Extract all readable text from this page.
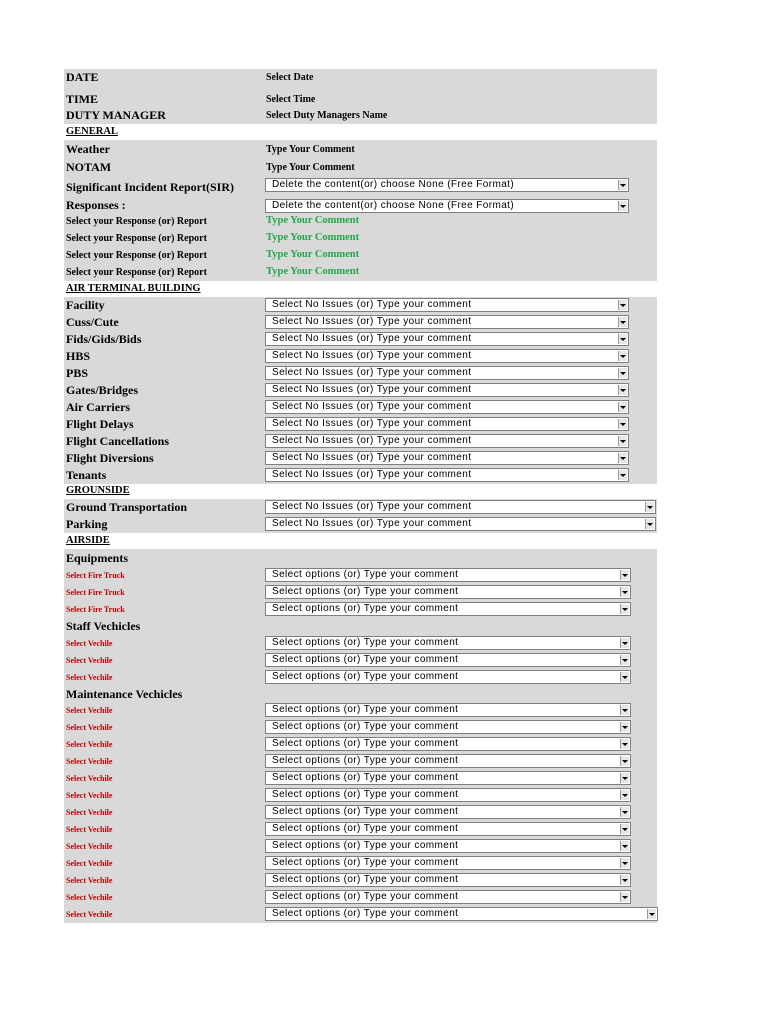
DATE	Select Date
TIME	Select Time
DUTY MANAGER	Select Duty Managers Name
GENERAL
Weather	Type Your Comment
NOTAM	Type Your Comment
Significant Incident Report(SIR)	Delete the content(or) choose None (Free Format)
Responses :	Delete the content(or) choose None (Free Format)
Select your Response (or) Report	Type Your Comment
Select your Response (or) Report	Type Your Comment
Select your Response (or) Report	Type Your Comment
Select your Response (or) Report	Type Your Comment
AIR TERMINAL BUILDING
Facility	Select No Issues (or) Type your comment
Cuss/Cute	Select No Issues (or) Type your comment
Fids/Gids/Bids	Select No Issues (or) Type your comment
HBS	Select No Issues (or) Type your comment
PBS	Select No Issues (or) Type your comment
Gates/Bridges	Select No Issues (or) Type your comment
Air Carriers	Select No Issues (or) Type your comment
Flight Delays	Select No Issues (or) Type your comment
Flight Cancellations	Select No Issues (or) Type your comment
Flight Diversions	Select No Issues (or) Type your comment
Tenants	Select No Issues (or) Type your comment
GROUNSIDE
Ground Transportation	Select No Issues (or) Type your comment
Parking	Select No Issues (or) Type your comment
AIRSIDE
Equipments
Select Fire Truck	Select options (or) Type your comment
Select Fire Truck	Select options (or) Type your comment
Select Fire Truck	Select options (or) Type your comment
Staff Vechicles
Select Vechile	Select options (or) Type your comment
Select Vechile	Select options (or) Type your comment
Select Vechile	Select options (or) Type your comment
Maintenance Vechicles
Select Vechile	Select options (or) Type your comment
Select Vechile	Select options (or) Type your comment
Select Vechile	Select options (or) Type your comment
Select Vechile	Select options (or) Type your comment
Select Vechile	Select options (or) Type your comment
Select Vechile	Select options (or) Type your comment
Select Vechile	Select options (or) Type your comment
Select Vechile	Select options (or) Type your comment
Select Vechile	Select options (or) Type your comment
Select Vechile	Select options (or) Type your comment
Select Vechile	Select options (or) Type your comment
Select Vechile	Select options (or) Type your comment
Select Vechile	Select options (or) Type your comment
